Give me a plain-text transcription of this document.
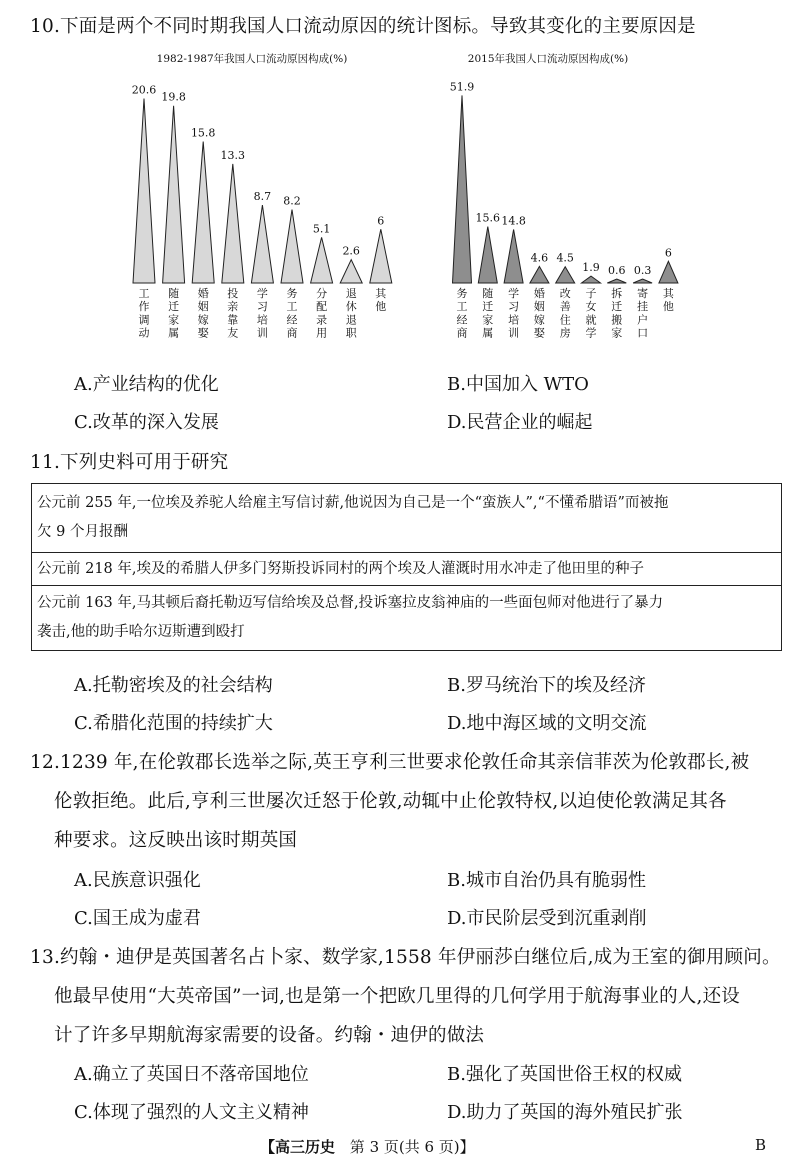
10.下面是两个不同时期我国人口流动原因的统计图标。导致其变化的主要原因是
1982-1987年我国人口流动原因构成(%)
20.6
工作调动
19.8
随迁家属
15.8
婚姻嫁娶
13.3
投亲靠友
8.7
学习培训
8.2
务工经商
5.1
分配录用
2.6
退休退职
6
其他
2015年我国人口流动原因构成(%)
51.9
务工经商
15.6
随迁家属
14.8
学习培训
4.6
婚姻嫁娶
4.5
改善住房
1.9
子女就学
0.6
拆迁搬家
0.3
寄挂户口
6
其他
A.产业结构的优化	B.中国加入 WTO
C.改革的深入发展	D.民营企业的崛起
11.下列史料可用于研究
公元前 255 年,一位埃及养驼人给雇主写信讨薪,他说因为自己是一个“蛮族人”,“不懂希腊语”而被拖
欠 9 个月报酬
公元前 218 年,埃及的希腊人伊多门努斯投诉同村的两个埃及人灌溉时用水冲走了他田里的种子
公元前 163 年,马其顿后裔托勒迈写信给埃及总督,投诉塞拉皮翁神庙的一些面包师对他进行了暴力
袭击,他的助手哈尔迈斯遭到殴打
A.托勒密埃及的社会结构	B.罗马统治下的埃及经济
C.希腊化范围的持续扩大	D.地中海区域的文明交流
12.1239 年,在伦敦郡长选举之际,英王亨利三世要求伦敦任命其亲信菲茨为伦敦郡长,被
伦敦拒绝。此后,亨利三世屡次迁怒于伦敦,动辄中止伦敦特权,以迫使伦敦满足其各
种要求。这反映出该时期英国
A.民族意识强化	B.城市自治仍具有脆弱性
C.国王成为虚君	D.市民阶层受到沉重剥削
13.约翰・迪伊是英国著名占卜家、数学家,1558 年伊丽莎白继位后,成为王室的御用顾问。
他最早使用“大英帝国”一词,也是第一个把欧几里得的几何学用于航海事业的人,还设
计了许多早期航海家需要的设备。约翰・迪伊的做法
A.确立了英国日不落帝国地位	B.强化了英国世俗王权的权威
C.体现了强烈的人文主义精神	D.助力了英国的海外殖民扩张
【高三历史 第 3 页(共 6 页)】	B
